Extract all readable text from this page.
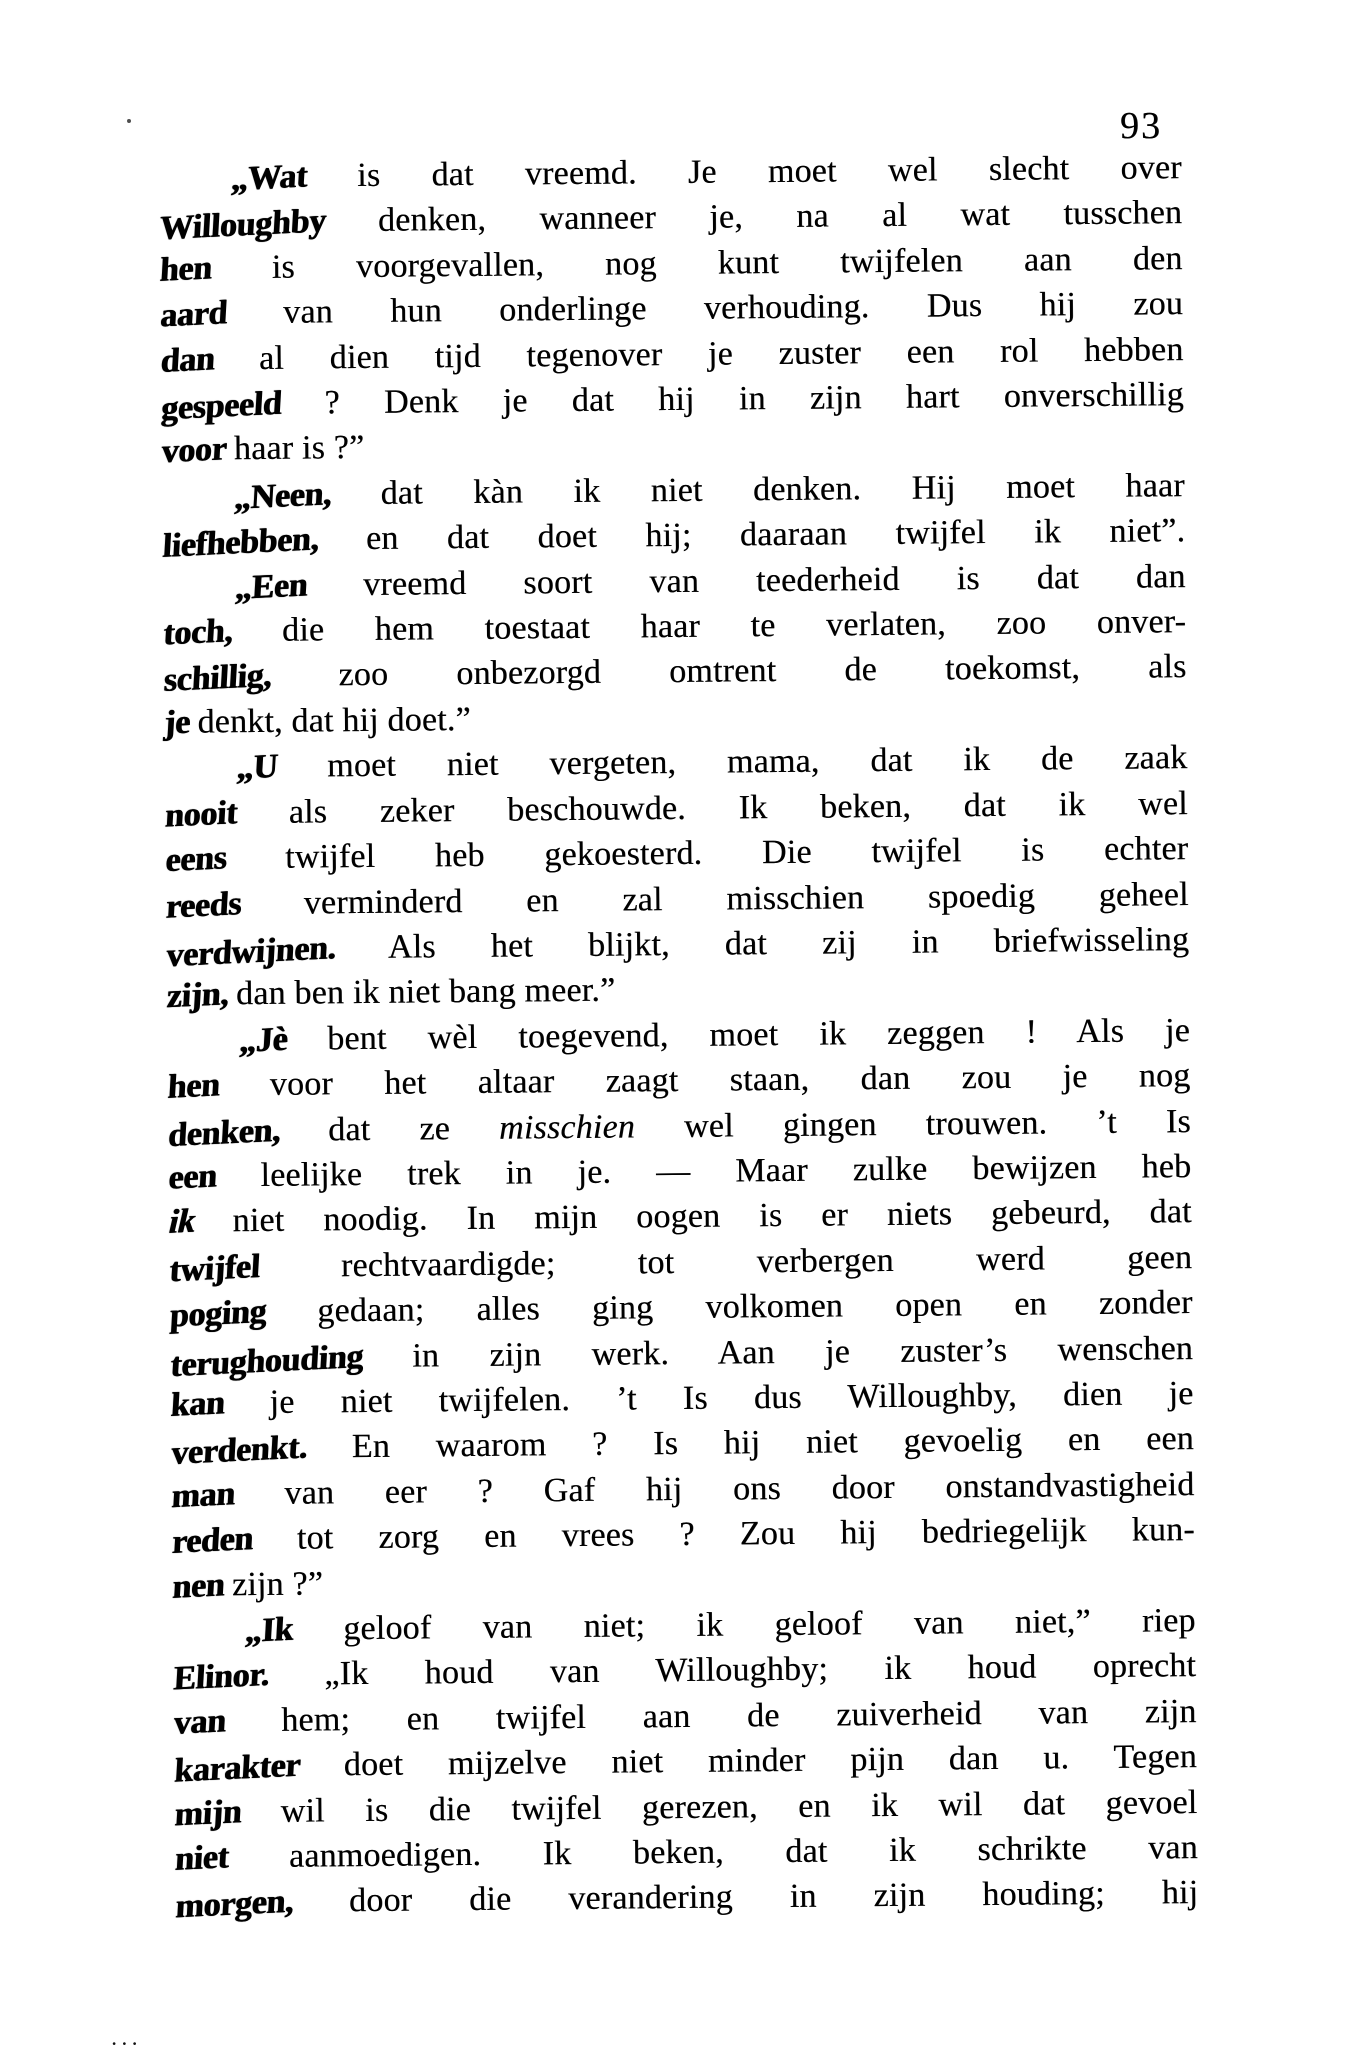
93
„Wat is dat vreemd. Je moet wel slecht over
Willoughby denken, wanneer je, na al wat tusschen
hen is voorgevallen, nog kunt twijfelen aan den
aard van hun onderlinge verhouding. Dus hij zou
dan al dien tijd tegenover je zuster een rol hebben
gespeeld ? Denk je dat hij in zijn hart onverschillig
voor haar is ?”
„Neen, dat kàn ik niet denken. Hij moet haar
liefhebben, en dat doet hij; daaraan twijfel ik niet”.
„Een vreemd soort van teederheid is dat dan
toch, die hem toestaat haar te verlaten, zoo onver-
schillig, zoo onbezorgd omtrent de toekomst, als
je denkt, dat hij doet.”
„U moet niet vergeten, mama, dat ik de zaak
nooit als zeker beschouwde. Ik beken, dat ik wel
eens twijfel heb gekoesterd. Die twijfel is echter
reeds verminderd en zal misschien spoedig geheel
verdwijnen. Als het blijkt, dat zij in briefwisseling
zijn, dan ben ik niet bang meer.”
„Jè bent wèl toegevend, moet ik zeggen ! Als je
hen voor het altaar zaagt staan, dan zou je nog
denken, dat ze misschien wel gingen trouwen. ’t Is
een leelijke trek in je. — Maar zulke bewijzen heb
ik niet noodig. In mijn oogen is er niets gebeurd, dat
twijfel rechtvaardigde; tot verbergen werd geen
poging gedaan; alles ging volkomen open en zonder
terughouding in zijn werk. Aan je zuster’s wenschen
kan je niet twijfelen. ’t Is dus Willoughby, dien je
verdenkt. En waarom ? Is hij niet gevoelig en een
man van eer ? Gaf hij ons door onstandvastigheid
reden tot zorg en vrees ? Zou hij bedriegelijk kun-
nen zijn ?”
„Ik geloof van niet; ik geloof van niet,” riep
Elinor. „Ik houd van Willoughby; ik houd oprecht
van hem; en twijfel aan de zuiverheid van zijn
karakter doet mijzelve niet minder pijn dan u. Tegen
mijn wil is die twijfel gerezen, en ik wil dat gevoel
niet aanmoedigen. Ik beken, dat ik schrikte van
morgen, door die verandering in zijn houding; hij
...
